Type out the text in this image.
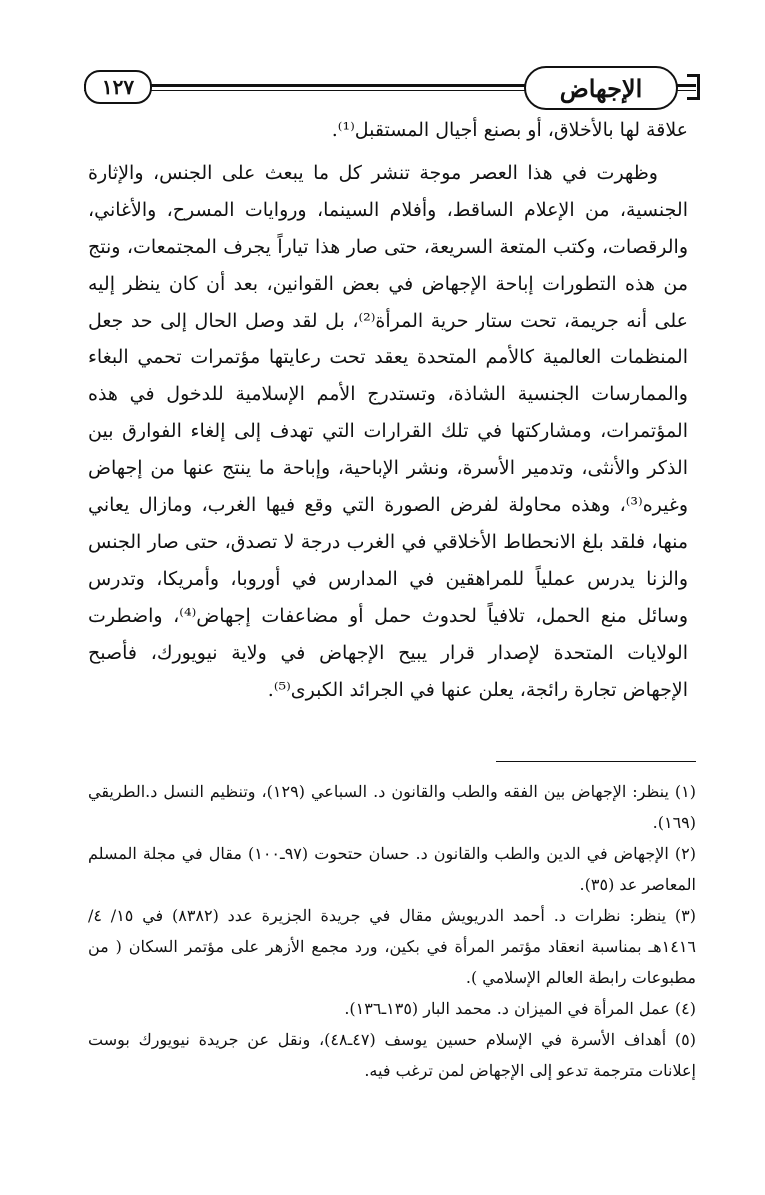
١٢٧	الإجهاض

علاقة لها بالأخلاق، أو بصنع أجيال المستقبل⁽¹⁾.

وظهرت في هذا العصر موجة تنشر كل ما يبعث على الجنس، والإثارة الجنسية، من الإعلام الساقط، وأفلام السينما، وروايات المسرح، والأغاني، والرقصات، وكتب المتعة السريعة، حتى صار هذا تياراً يجرف المجتمعات، ونتج من هذه التطورات إباحة الإجهاض في بعض القوانين، بعد أن كان ينظر إليه على أنه جريمة، تحت ستار حرية المرأة⁽²⁾، بل لقد وصل الحال إلى حد جعل المنظمات العالمية كالأمم المتحدة يعقد تحت رعايتها مؤتمرات تحمي البغاء والممارسات الجنسية الشاذة، وتستدرج الأمم الإسلامية للدخول في هذه المؤتمرات، ومشاركتها في تلك القرارات التي تهدف إلى إلغاء الفوارق بين الذكر والأنثى، وتدمير الأسرة، ونشر الإباحية، وإباحة ما ينتج عنها من إجهاض وغيره⁽³⁾، وهذه محاولة لفرض الصورة التي وقع فيها الغرب، ومازال يعاني منها، فلقد بلغ الانحطاط الأخلاقي في الغرب درجة لا تصدق، حتى صار الجنس والزنا يدرس عملياً للمراهقين في المدارس في أوروبا، وأمريكا، وتدرس وسائل منع الحمل، تلافياً لحدوث حمل أو مضاعفات إجهاض⁽⁴⁾، واضطرت الولايات المتحدة لإصدار قرار يبيح الإجهاض في ولاية نيويورك، فأصبح الإجهاض تجارة رائجة، يعلن عنها في الجرائد الكبرى⁽⁵⁾.

(١) ينظر: الإجهاض بين الفقه والطب والقانون د. السباعي (١٢٩)، وتنظيم النسل د.الطريقي (١٦٩).

(٢) الإجهاض في الدين والطب والقانون د. حسان حتحوت (٩٧ـ١٠٠) مقال في مجلة المسلم المعاصر عد (٣٥).

(٣) ينظر: نظرات د. أحمد الدريويش مقال في جريدة الجزيرة عدد (٨٣٨٢) في ١٥/ ٤/ ١٤١٦هـ بمناسبة انعقاد مؤتمر المرأة في بكين، ورد مجمع الأزهر على مؤتمر السكان ( من مطبوعات رابطة العالم الإسلامي ).

(٤) عمل المرأة في الميزان د. محمد البار (١٣٥ـ١٣٦).

(٥) أهداف الأسرة في الإسلام حسين يوسف (٤٧ـ٤٨)، ونقل عن جريدة نيويورك بوست إعلانات مترجمة تدعو إلى الإجهاض لمن ترغب فيه.
